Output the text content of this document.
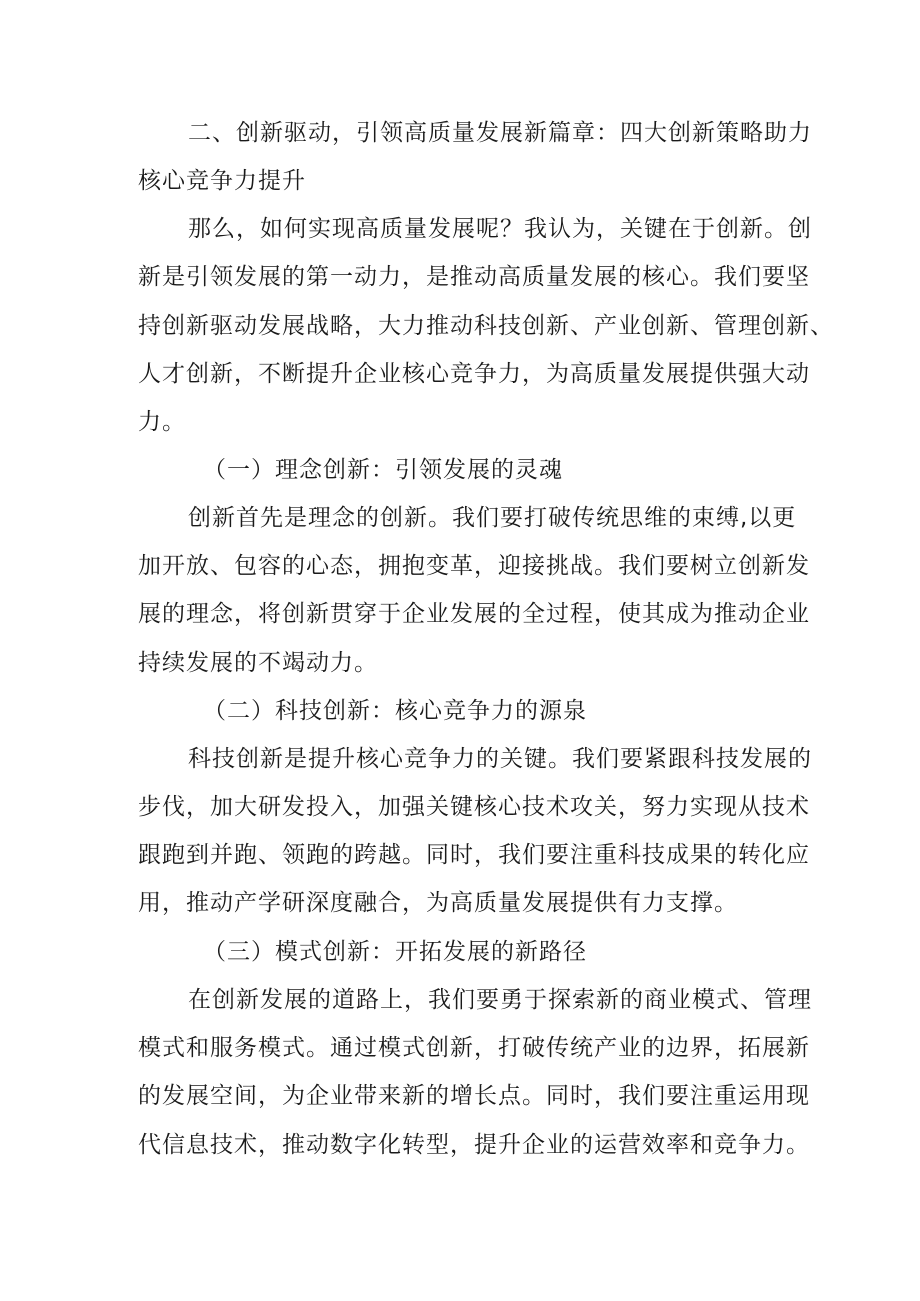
二、创新驱动，引领高质量发展新篇章：四大创新策略助力
核心竞争力提升
那么，如何实现高质量发展呢？我认为，关键在于创新。创
新是引领发展的第一动力，是推动高质量发展的核心。我们要坚
持创新驱动发展战略，大力推动科技创新、产业创新、管理创新、
人才创新，不断提升企业核心竞争力，为高质量发展提供强大动
力。
（一）理念创新：引领发展的灵魂
创新首先是理念的创新。我们要打破传统思维的束缚,以更
加开放、包容的心态，拥抱变革，迎接挑战。我们要树立创新发
展的理念，将创新贯穿于企业发展的全过程，使其成为推动企业
持续发展的不竭动力。
（二）科技创新：核心竞争力的源泉
科技创新是提升核心竞争力的关键。我们要紧跟科技发展的
步伐，加大研发投入，加强关键核心技术攻关，努力实现从技术
跟跑到并跑、领跑的跨越。同时，我们要注重科技成果的转化应
用，推动产学研深度融合，为高质量发展提供有力支撑。
（三）模式创新：开拓发展的新路径
在创新发展的道路上，我们要勇于探索新的商业模式、管理
模式和服务模式。通过模式创新，打破传统产业的边界，拓展新
的发展空间，为企业带来新的增长点。同时，我们要注重运用现
代信息技术，推动数字化转型，提升企业的运营效率和竞争力。
